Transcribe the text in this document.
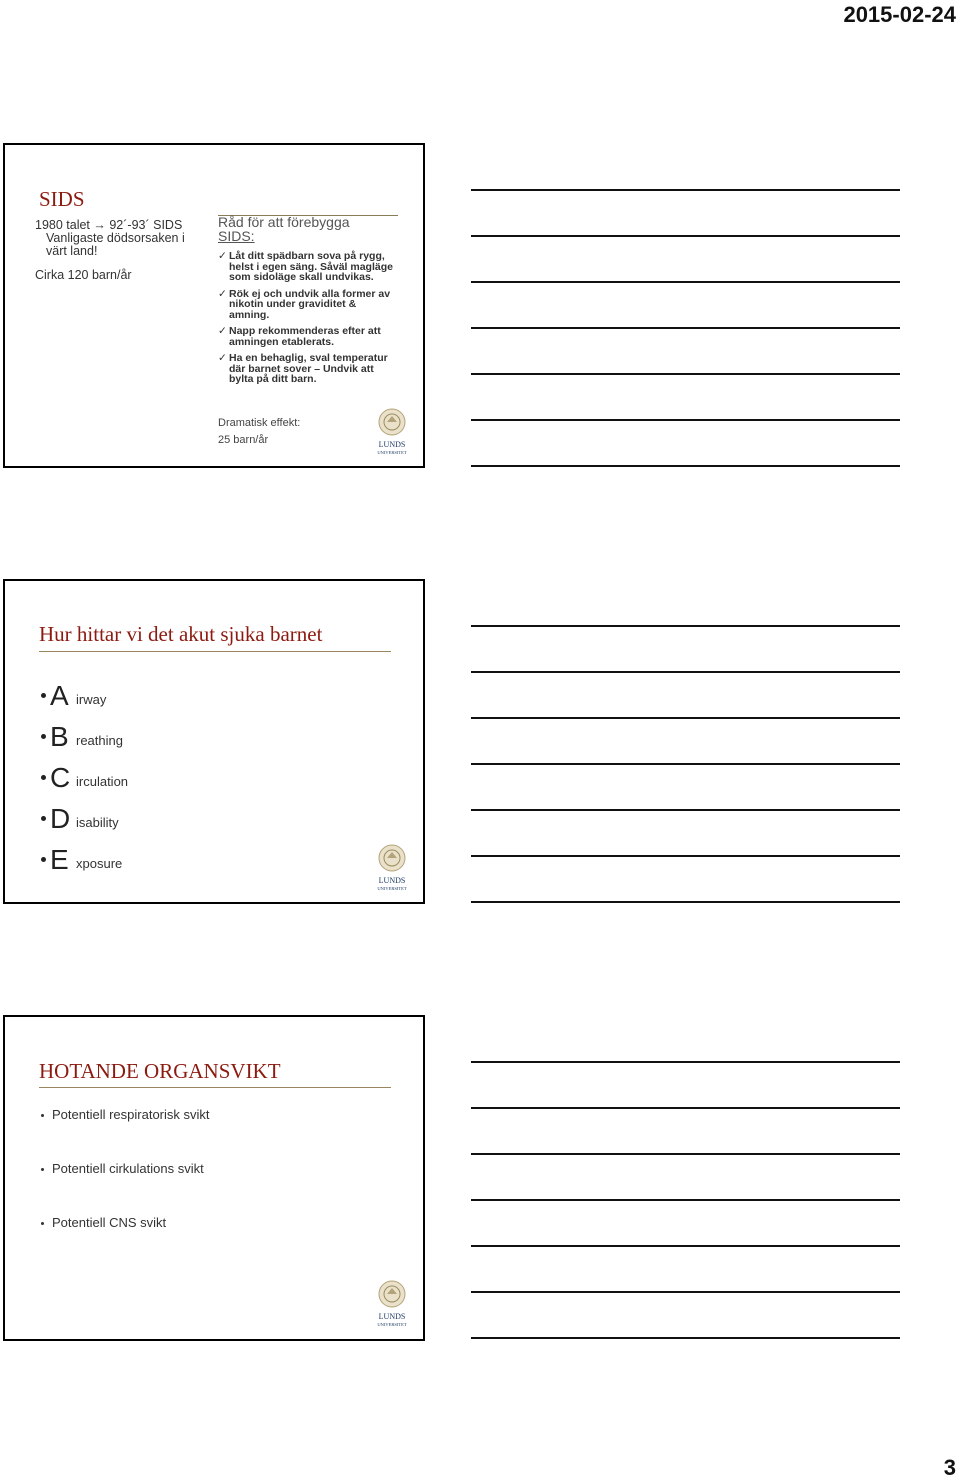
2015-02-24
SIDS
1980 talet → 92´-93´ SIDS
Vanligaste dödsorsaken i
värt land!
Cirka 120 barn/år
Råd för att förebygga
SIDS:
✓ Låt ditt spädbarn sova på rygg, helst i egen säng. Såväl magläge som sidoläge skall undvikas.
✓ Rök ej och undvik alla former av nikotin under graviditet & amning.
✓ Napp rekommenderas efter att amningen etablerats.
✓ Ha en behaglig, sval temperatur där barnet sover – Undvik att bylta på ditt barn.
Dramatisk effekt:
25 barn/år	LUNDS
UNIVERSITET
Hur hittar vi det akut sjuka barnet
A irway
B reathing
C irculation
D isability
E xposure
LUNDS
UNIVERSITET
HOTANDE ORGANSVIKT
Potentiell respiratorisk svikt
Potentiell cirkulations svikt
Potentiell CNS svikt
LUNDS
UNIVERSITET
3
